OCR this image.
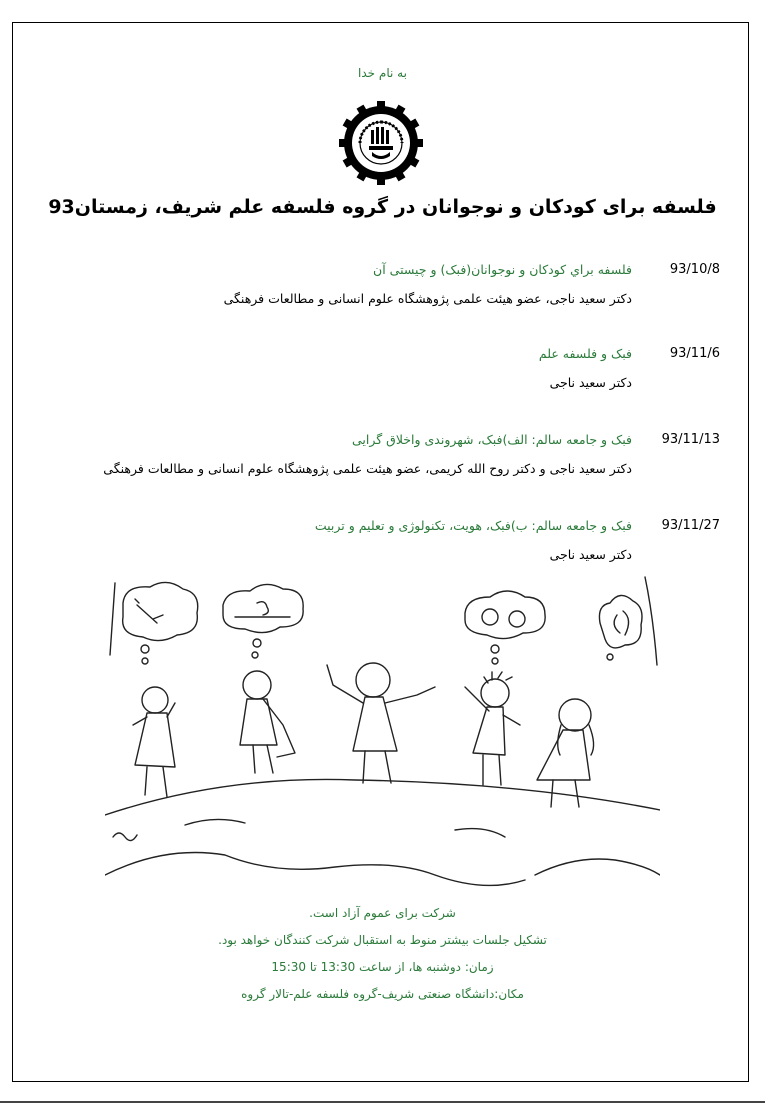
به نام خدا
فلسفه برای کودکان و نوجوانان در گروه فلسفه علم شریف، زمستان93
93/10/8
فلسفه براي كودكان و نوجوانان(فبک) و چیستی آن
دکتر سعید ناجی، عضو هیئت علمی پژوهشگاه علوم انسانی و مطالعات فرهنگی
93/11/6
فبک و فلسفه علم
دکتر سعید ناجی
93/11/13
فبک و جامعه سالم: الف)فبک، شهروندی واخلاق گرایی
دکتر سعید ناجی و دکتر روح الله کریمی، عضو هیئت علمی پژوهشگاه علوم انسانی و مطالعات فرهنگی
93/11/27
فبک و جامعه سالم: ب)فبک، هویت، تکنولوژی و تعلیم و تربیت
دکتر سعید ناجی
شرکت برای عموم آزاد است.
تشکیل جلسات بیشتر منوط به استقبال شرکت کنندگان خواهد بود.
زمان: دوشنبه ها، از ساعت 13:30 تا 15:30
مکان:دانشگاه صنعتی شریف-گروه فلسفه علم-تالار گروه
